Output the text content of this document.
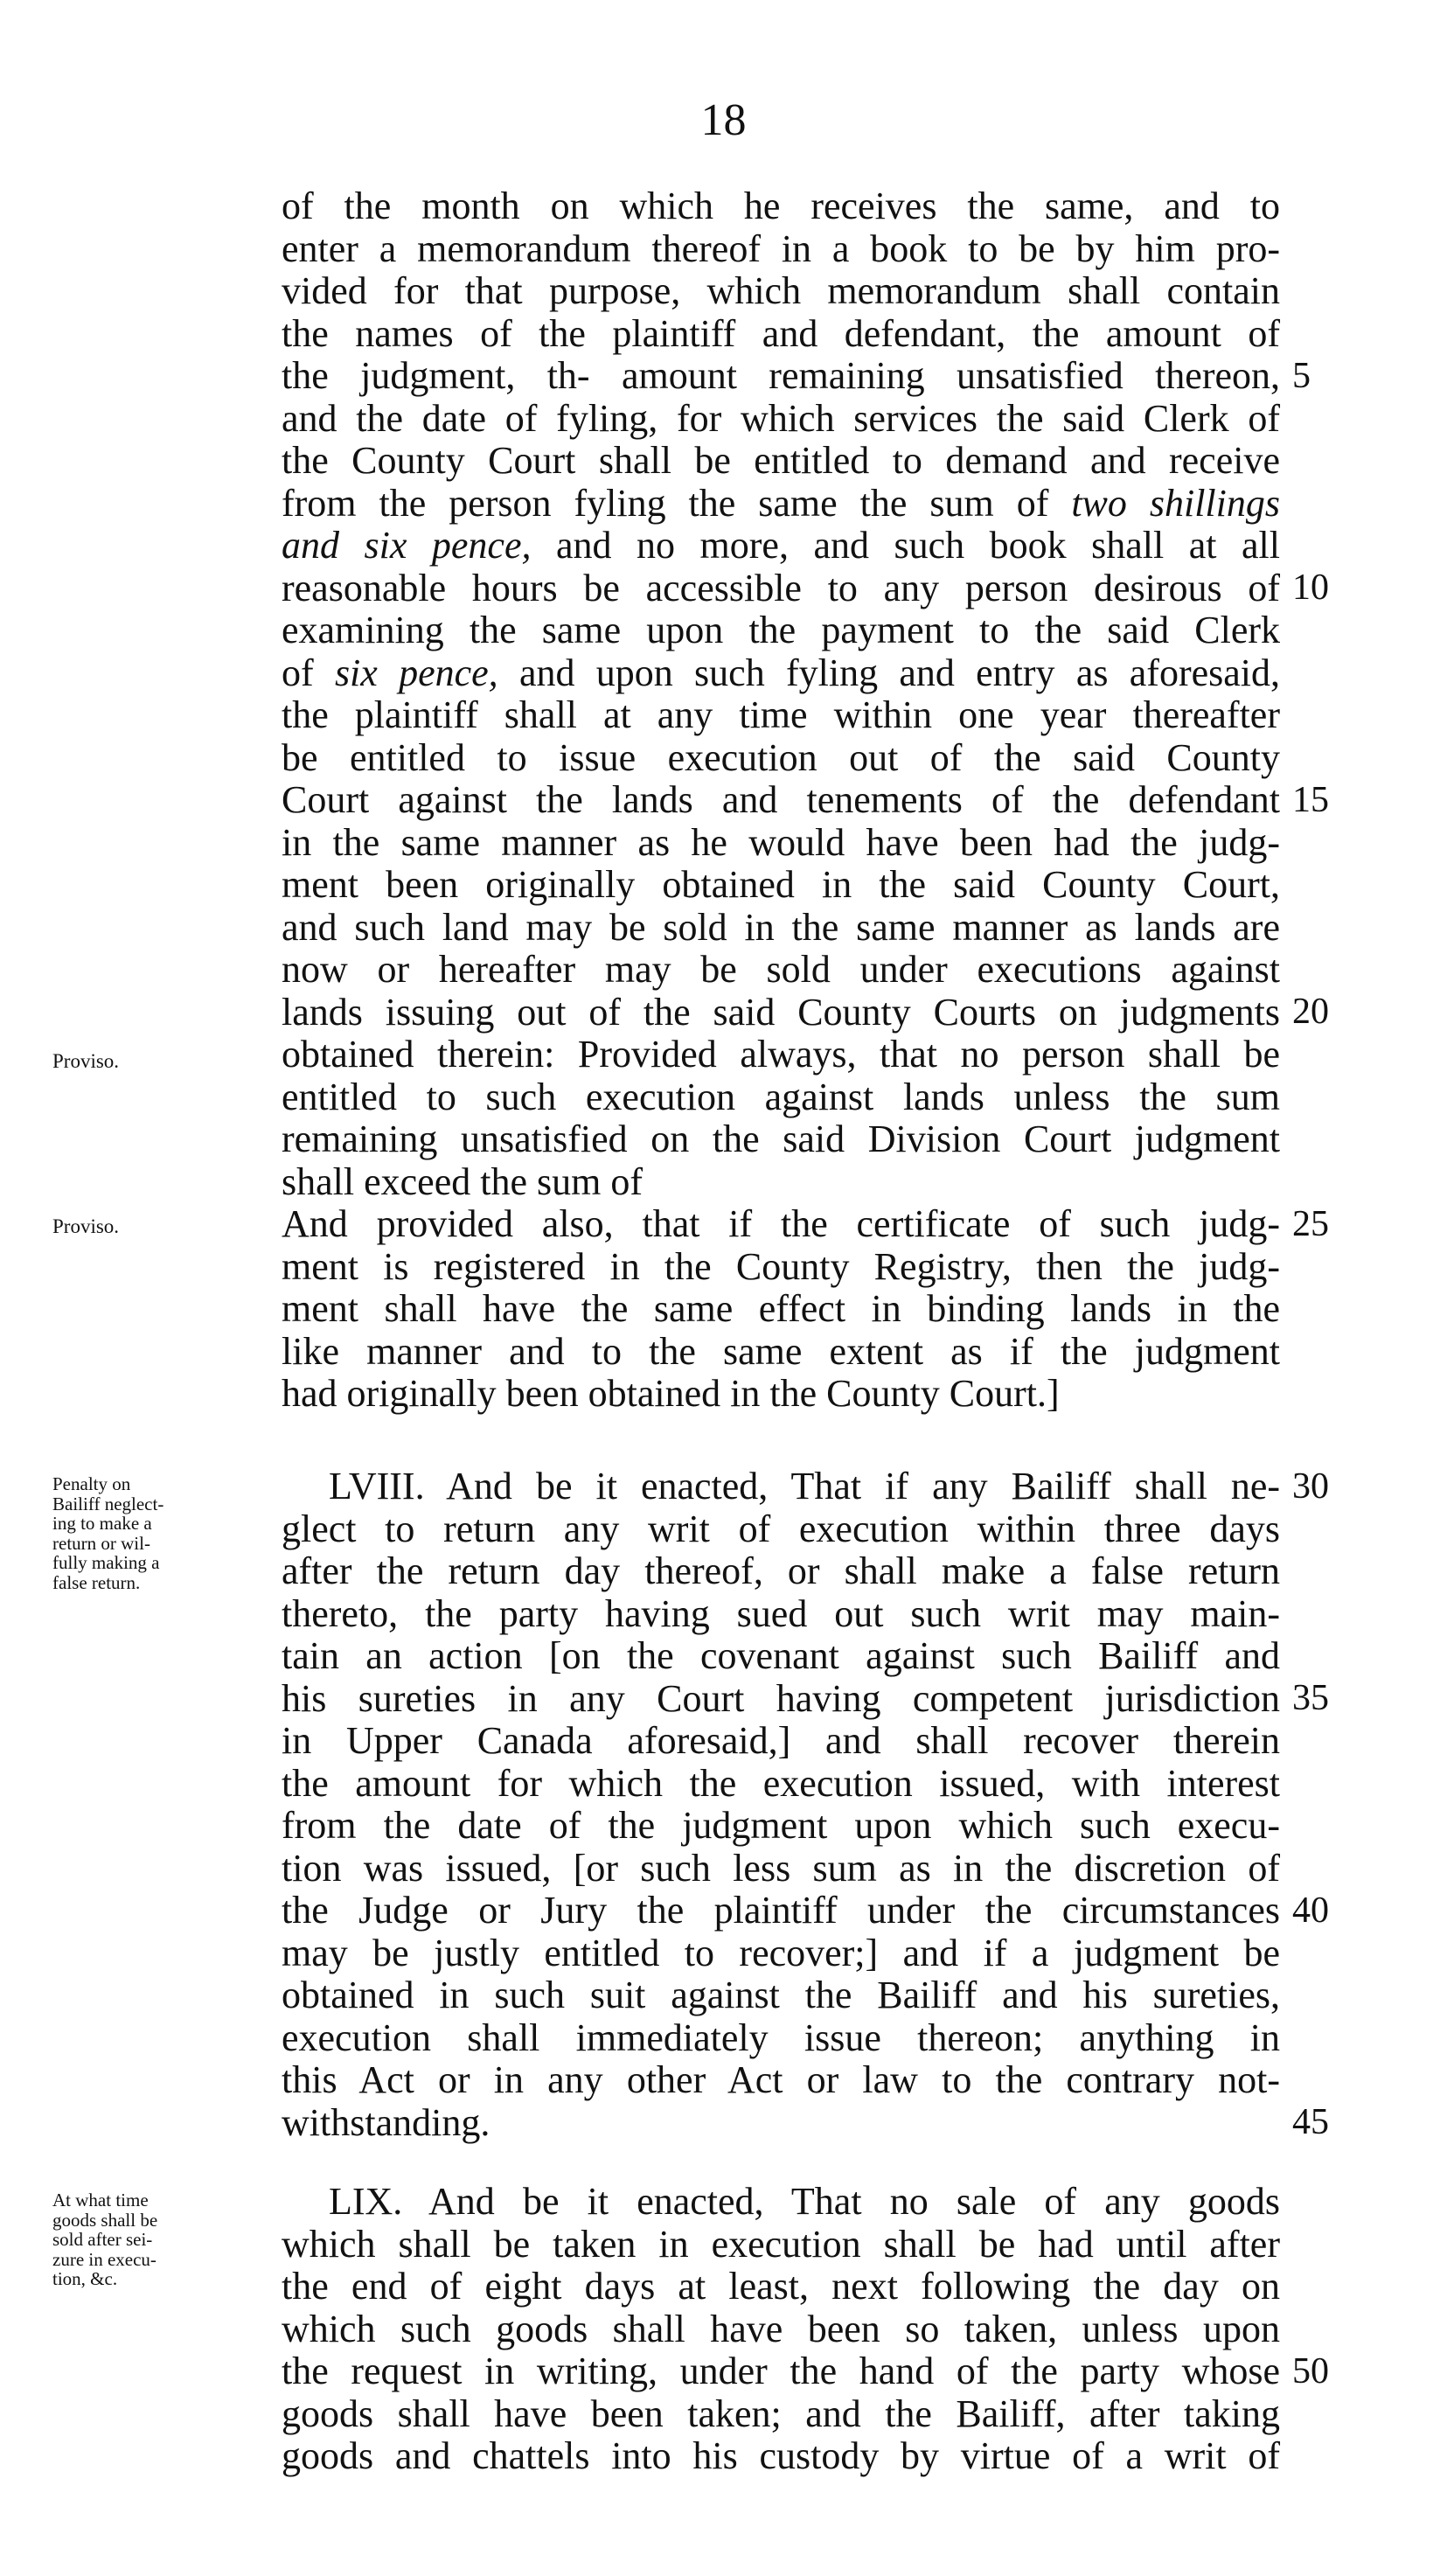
18
of the month on which he receives the same, and to
enter a memorandum thereof in a book to be by him pro-
vided for that purpose, which memorandum shall contain
the names of the plaintiff and defendant, the amount of
the judgment, th- amount remaining unsatisfied thereon,
and the date of fyling, for which services the said Clerk of
the County Court shall be entitled to demand and receive
from the person fyling the same the sum of two shillings
and six pence, and no more, and such book shall at all
reasonable hours be accessible to any person desirous of
examining the same upon the payment to the said Clerk
of six pence, and upon such fyling and entry as aforesaid,
the plaintiff shall at any time within one year thereafter
be entitled to issue execution out of the said County
Court against the lands and tenements of the defendant
in the same manner as he would have been had the judg-
ment been originally obtained in the said County Court,
and such land may be sold in the same manner as lands are
now or hereafter may be sold under executions against
lands issuing out of the said County Courts on judgments
obtained therein: Provided always, that no person shall be
entitled to such execution against lands unless the sum
remaining unsatisfied on the said Division Court judgment
shall exceed the sum of
And provided also, that if the certificate of such judg-
ment is registered in the County Registry, then the judg-
ment shall have the same effect in binding lands in the
like manner and to the same extent as if the judgment
had originally been obtained in the County Court.]
LVIII. And be it enacted, That if any Bailiff shall ne-
glect to return any writ of execution within three days
after the return day thereof, or shall make a false return
thereto, the party having sued out such writ may main-
tain an action [on the covenant against such Bailiff and
his sureties in any Court having competent jurisdiction
in Upper Canada aforesaid,] and shall recover therein
the amount for which the execution issued, with interest
from the date of the judgment upon which such execu-
tion was issued, [or such less sum as in the discretion of
the Judge or Jury the plaintiff under the circumstances
may be justly entitled to recover;] and if a judgment be
obtained in such suit against the Bailiff and his sureties,
execution shall immediately issue thereon; anything in
this Act or in any other Act or law to the contrary not-
withstanding.
LIX. And be it enacted, That no sale of any goods
which shall be taken in execution shall be had until after
the end of eight days at least, next following the day on
which such goods shall have been so taken, unless upon
the request in writing, under the hand of the party whose
goods shall have been taken; and the Bailiff, after taking
goods and chattels into his custody by virtue of a writ of
5
10
15
20
25
30
35
40
45
50
Proviso.
Proviso.
Penalty on
Bailiff neglect-
ing to make a
return or wil-
fully making a
false return.
At what time
goods shall be
sold after sei-
zure in execu-
tion, &c.
